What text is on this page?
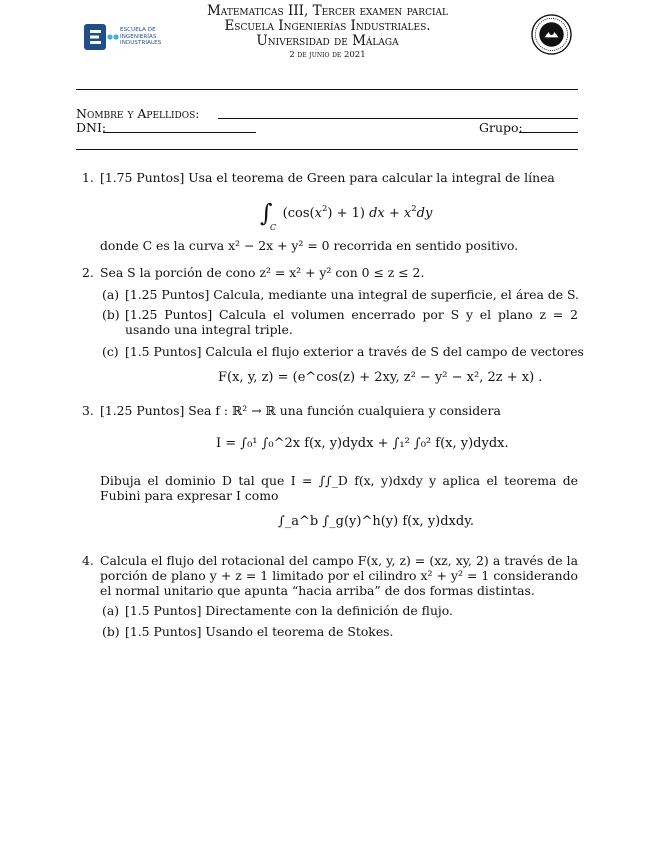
ESCUELA DE
INGENIERÍAS
INDUSTRIALES
Matematicas III, Tercer examen parcial
Escuela Ingenierías Industriales.
Universidad de Málaga
2 de junio de 2021
Nombre y Apellidos:
DNI:	Grupo:
1. [1.75 Puntos] Usa el teorema de Green para calcular la integral de línea
∫
C
$(\cos(x^2) + 1)$ dx + $x^2dy$
donde C es la curva x² − 2x + y² = 0 recorrida en sentido positivo.
2. Sea S la porción de cono z² = x² + y² con 0 ≤ z ≤ 2.
(a) [1.25 Puntos] Calcula, mediante una integral de superficie, el área de S.
(b) [1.25 Puntos] Calcula el volumen encerrado por S y el plano z = 2 usando una integral triple.
(c) [1.5 Puntos] Calcula el flujo exterior a través de S del campo de vectores
F(x, y, z) = (e^cos(z) + 2xy, z² − y² − x², 2z + x) .
3. [1.25 Puntos] Sea f : ℝ² → ℝ una función cualquiera y considera
I = ∫₀¹ ∫₀^2x f(x, y)dydx + ∫₁² ∫₀² f(x, y)dydx.
Dibuja el dominio D tal que I = ∫∫_D f(x, y)dxdy y aplica el teorema de Fubini para expresar I como
∫_a^b ∫_g(y)^h(y) f(x, y)dxdy.
4. Calcula el flujo del rotacional del campo F(x, y, z) = (xz, xy, 2) a través de la porción de plano y + z = 1 limitado por el cilindro x² + y² = 1 considerando el normal unitario que apunta “hacia arriba” de dos formas distintas.
(a) [1.5 Puntos] Directamente con la definición de flujo.
(b) [1.5 Puntos] Usando el teorema de Stokes.
